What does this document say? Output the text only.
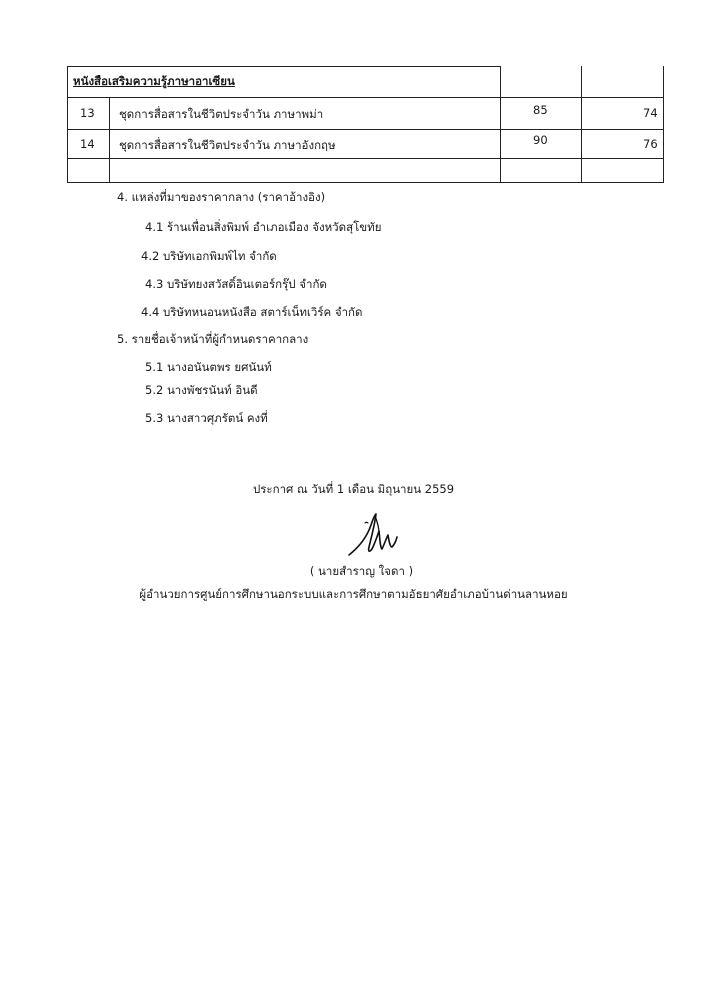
หนังสือเสริมความรู้ภาษาอาเซียน
13 ชุดการสื่อสารในชีวิตประจำวัน ภาษาพม่า	85	74
14 ชุดการสื่อสารในชีวิตประจำวัน ภาษาอังกฤษ	90	76
4. แหล่งที่มาของราคากลาง (ราคาอ้างอิง)
4.1 ร้านเพื่อนสิ่งพิมพ์ อำเภอเมือง จังหวัดสุโขทัย
4.2 บริษัทเอกพิมพ์ไท จำกัด
4.3 บริษัทยงสวัสดิ์อินเตอร์กรุ๊ป จำกัด
4.4 บริษัทหนอนหนังสือ สตาร์เน็ทเวิร์ค จำกัด
5. รายชื่อเจ้าหน้าที่ผู้กำหนดราคากลาง
5.1 นางอนันตพร ยศนันท์
5.2 นางพัชรนันท์ อินดี
5.3 นางสาวศุภรัตน์ คงที่
ประกาศ ณ วันที่ 1 เดือน มิถุนายน 2559
( นายสำราญ ใจดา )
ผู้อำนวยการศูนย์การศึกษานอกระบบและการศึกษาตามอัธยาศัยอำเภอบ้านด่านลานหอย
